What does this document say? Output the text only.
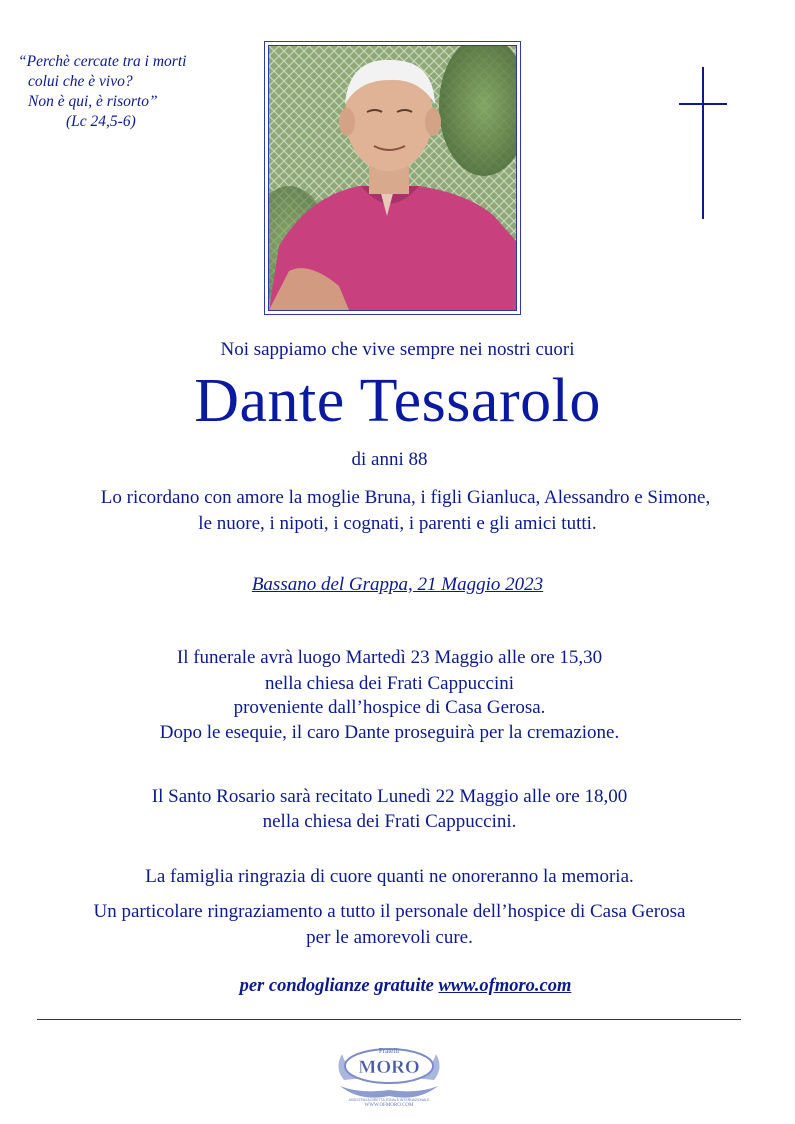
“Perchè cercate tra i morti
colui che è vivo?
Non è qui, è risorto”
(Lc 24,5-6)
Noi sappiamo che vive sempre nei nostri cuori
Dante Tessarolo
di anni 88
Lo ricordano con amore la moglie Bruna, i figli Gianluca, Alessandro e Simone,
le nuore, i nipoti, i cognati, i parenti e gli amici tutti.
Bassano del Grappa, 21 Maggio 2023
Il funerale avrà luogo Martedì 23 Maggio alle ore 15,30
nella chiesa dei Frati Cappuccini
proveniente dall’hospice di Casa Gerosa.
Dopo le esequie, il caro Dante proseguirà per la cremazione.
Il Santo Rosario sarà recitato Lunedì 22 Maggio alle ore 18,00
nella chiesa dei Frati Cappuccini.
La famiglia ringrazia di cuore quanti ne onoreranno la memoria.
Un particolare ringraziamento a tutto il personale dell’hospice di Casa Gerosa
per le amorevoli cure.
per condoglianze gratuite www.ofmoro.com
Fratelli
MORO
ASSISTENZA DIRETTA ZONALE INTERNAZIONALE
WWW.OFMORO.COM
